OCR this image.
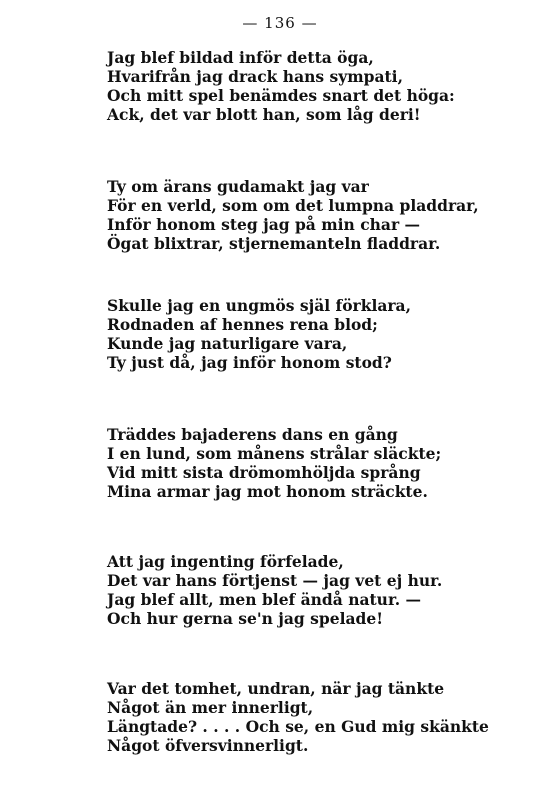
— 136 —
Jag blef bildad inför detta öga,
Hvarifrån jag drack hans sympati,
Och mitt spel benämdes snart det höga:
Ack, det var blott han, som låg deri!
Ty om ärans gudamakt jag var
För en verld, som om det lumpna pladdrar,
Inför honom steg jag på min char —
Ögat blixtrar, stjernemanteln fladdrar.
Skulle jag en ungmös själ förklara,
Rodnaden af hennes rena blod;
Kunde jag naturligare vara,
Ty just då, jag inför honom stod?
Träddes bajaderens dans en gång
I en lund, som månens strålar släckte;
Vid mitt sista drömomhöljda språng
Mina armar jag mot honom sträckte.
Att jag ingenting förfelade,
Det var hans förtjenst — jag vet ej hur.
Jag blef allt, men blef ändå natur. —
Och hur gerna se'n jag spelade!
Var det tomhet, undran, när jag tänkte
Något än mer innerligt,
Längtade? . . . . Och se, en Gud mig skänkte
Något öfversvinnerligt.
